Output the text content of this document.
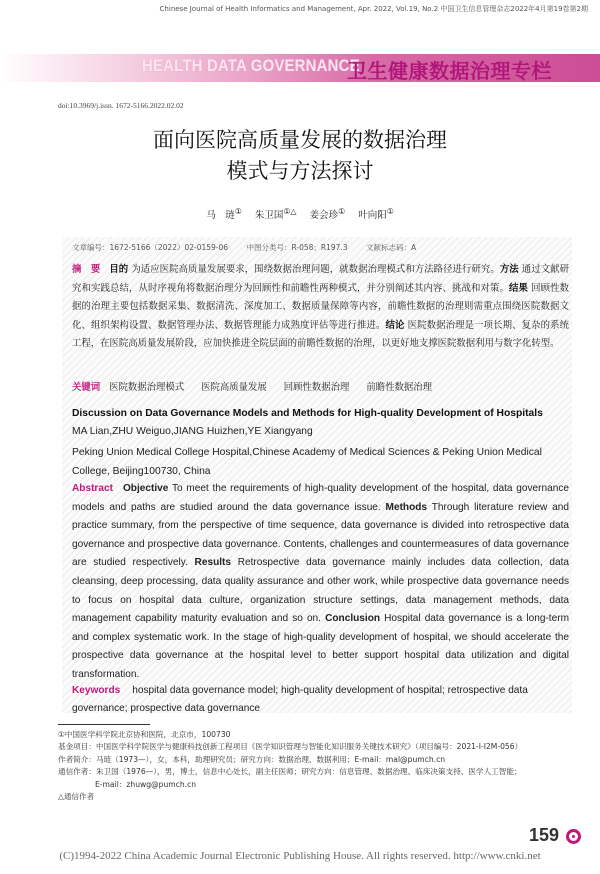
Chinese Journal of Health Informatics and Management, Apr. 2022, Vol.19, No.2 中国卫生信息管理杂志2022年4月第19卷第2期
HEALTH DATA GOVERNANCE
卫生健康数据治理专栏
doi:10.3969/j.issn. 1672-5166.2022.02.02
面向医院高质量发展的数据治理
模式与方法探讨
马　琏① 朱卫国①△ 姜会珍① 叶向阳①
文章编号：1672-5166（2022）02-0159-06 中图分类号：R-058；R197.3 文献标志码：A
摘　要 目的 为适应医院高质量发展要求，围绕数据治理问题，就数据治理模式和方法路径进行研究。方法 通过文献研究和实践总结，从时序视角将数据治理分为回顾性和前瞻性两种模式，并分别阐述其内容、挑战和对策。结果 回顾性数据的治理主要包括数据采集、数据清洗、深度加工、数据质量保障等内容，前瞻性数据的治理则需重点围绕医院数据文化、组织架构设置、数据管理办法、数据管理能力成熟度评估等进行推进。结论 医院数据治理是一项长期、复杂的系统工程，在医院高质量发展阶段，应加快推进全院层面的前瞻性数据的治理，以更好地支撑医院数据利用与数字化转型。
关键词 医院数据治理模式 医院高质量发展 回顾性数据治理 前瞻性数据治理
Discussion on Data Governance Models and Methods for High-quality Development of Hospitals
MA Lian,ZHU Weiguo,JIANG Huizhen,YE Xiangyang
Peking Union Medical College Hospital,Chinese Academy of Medical Sciences & Peking Union Medical College, Beijing100730, China
Abstract Objective To meet the requirements of high-quality development of the hospital, data governance models and paths are studied around the data governance issue. Methods Through literature review and practice summary, from the perspective of time sequence, data governance is divided into retrospective data governance and prospective data governance. Contents, challenges and countermeasures of data governance are studied respectively. Results Retrospective data governance mainly includes data collection, data cleansing, deep processing, data quality assurance and other work, while prospective data governance needs to focus on hospital data culture, organization structure settings, data management methods, data management capability maturity evaluation and so on. Conclusion Hospital data governance is a long-term and complex systematic work. In the stage of high-quality development of hospital, we should accelerate the prospective data governance at the hospital level to better support hospital data utilization and digital transformation.
Keywords hospital data governance model; high-quality development of hospital; retrospective data governance; prospective data governance
①中国医学科学院北京协和医院，北京市，100730
基金项目：中国医学科学院医学与健康科技创新工程项目《医学知识管理与智能化知识服务关键技术研究》（项目编号：2021-I-I2M-056）
作者简介：马琏（1973—），女，本科，助理研究员；研究方向：数据治理、数据利用；E-mail：mal@pumch.cn
通信作者：朱卫国（1976—），男，博士，信息中心处长，副主任医师；研究方向：信息管理、数据治理、临床决策支持、医学人工智能；
E-mail：zhuwg@pumch.cn
△通信作者
159
(C)1994-2022 China Academic Journal Electronic Publishing House. All rights reserved. http://www.cnki.net
